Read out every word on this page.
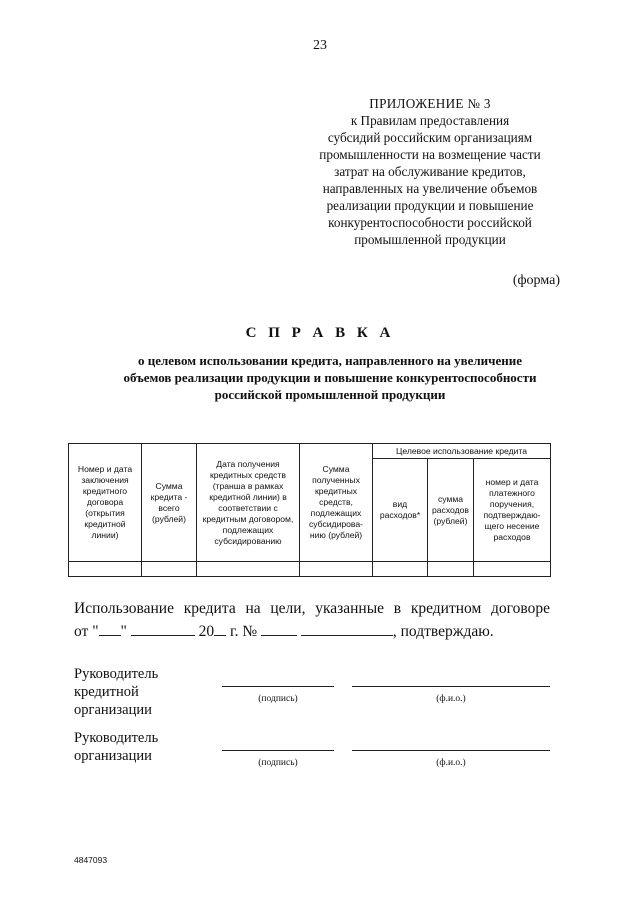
23
ПРИЛОЖЕНИЕ № 3
к Правилам предоставления
субсидий российским организациям
промышленности на возмещение части
затрат на обслуживание кредитов,
направленных на увеличение объемов
реализации продукции и повышение
конкурентоспособности российской
промышленной продукции
(форма)
С П Р А В К А
о целевом использовании кредита, направленного на увеличение
объемов реализации продукции и повышение конкурентоспособности
российской промышленной продукции
Номер и дата заключения кредитного договора (открытия кредитной линии)	Сумма кредита - всего (рублей)	Дата получения кредитных средств (транша в рамках кредитной линии) в соответствии с кредитным договором, подлежащих субсидированию	Сумма полученных кредитных средств, подлежащих субсидирова-нию (рублей)	Целевое использование кредита		
				вид расходов*	сумма расходов (рублей)	номер и дата платежного поручения, подтверждаю-щего несение расходов

Использование кредита на цели, указанные в кредитном договоре
от " "	20 г. №	, подтверждаю.
Руководитель
кредитной
организации
(подпись)	(ф.и.о.)
Руководитель
организации	(подпись)	(ф.и.о.)
4847093
